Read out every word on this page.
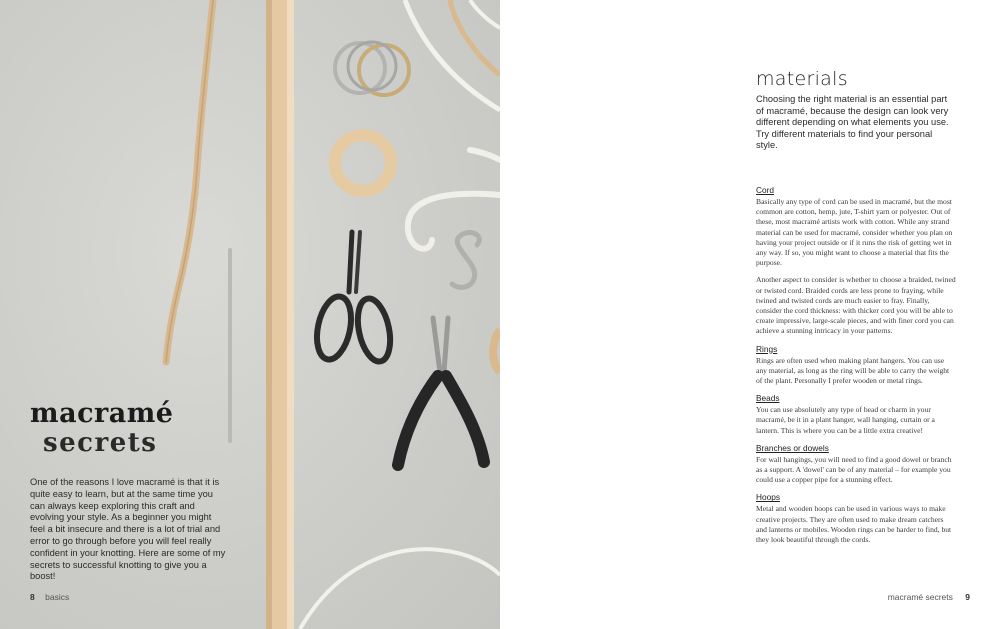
macramé
secrets

One of the reasons I love macramé is that it is quite easy to learn, but at the same time you can always keep exploring this craft and evolving your style. As a beginner you might feel a bit insecure and there is a lot of trial and error to go through before you will feel really confident in your knotting. Here are some of my secrets to successful knotting to give you a boost!

8 basics
materials

Choosing the right material is an essential part of macramé, because the design can look very different depending on what elements you use. Try different materials to find your personal style.

Cord

Basically any type of cord can be used in macramé, but the most common are cotton, hemp, jute, T-shirt yarn or polyester. Out of these, most macramé artists work with cotton. While any strand material can be used for macramé, consider whether you plan on having your project outside or if it runs the risk of getting wet in any way. If so, you might want to choose a material that fits the purpose.

Another aspect to consider is whether to choose a braided, twined or twisted cord. Braided cords are less prone to fraying, while twined and twisted cords are much easier to fray. Finally, consider the cord thickness: with thicker cord you will be able to create impressive, large-scale pieces, and with finer cord you can achieve a stunning intricacy in your patterns.

Rings

Rings are often used when making plant hangers. You can use any material, as long as the ring will be able to carry the weight of the plant. Personally I prefer wooden or metal rings.

Beads

You can use absolutely any type of bead or charm in your macramé, be it in a plant hanger, wall hanging, curtain or a lantern. This is where you can be a little extra creative!

Branches or dowels

For wall hangings, you will need to find a good dowel or branch as a support. A 'dowel' can be of any material – for example you could use a copper pipe for a stunning effect.

Hoops

Metal and wooden hoops can be used in various ways to make creative projects. They are often used to make dream catchers and lanterns or mobiles. Wooden rings can be harder to find, but they look beautiful through the cords.

macramé secrets 9
